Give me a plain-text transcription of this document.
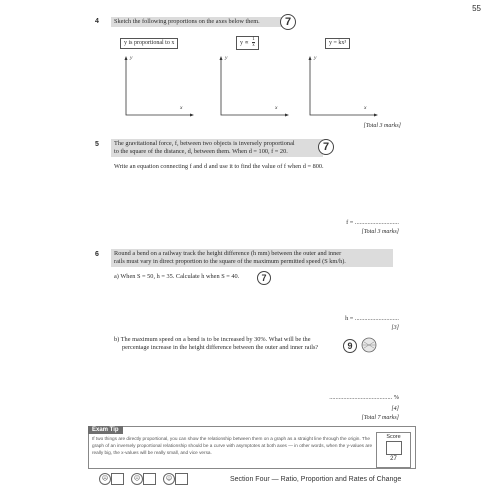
55
4	Sketch the following proportions on the axes below them.	7
y is proportional to x	$y \propto \frac{1}{x}$	y = kx³
y
x
y
x
y
x
[Total 3 marks]
5 The gravitational force, f, between two objects is inversely proportional
to the square of the distance, d, between them. When d = 100, f = 20.	7
Write an equation connecting f and d and use it to find the value of f when d = 800.
f = ............................
[Total 3 marks]
6 Round a bend on a railway track the height difference (h mm) between the outer and inner
rails must vary in direct proportion to the square of the maximum permitted speed (S km/h).
a) When S = 50, h = 35. Calculate h when S = 40.	7
h = ............................
[3]
b) The maximum speed on a bend is to be increased by 30%. What will be the
percentage increase in the height difference between the outer and inner rails?	9
........................................ %
[4]
[Total 7 marks]
Exam Tip
If two things are directly proportional, you can show the relationship between them on a graph as a straight line through the origin. The graph of an inversely proportional relationship should be a curve with asymptotes at both axes — in other words, when the y-values are really big, the x-values will be really small, and vice versa.
Score
27
☹	😐	☺	Section Four — Ratio, Proportion and Rates of Change
